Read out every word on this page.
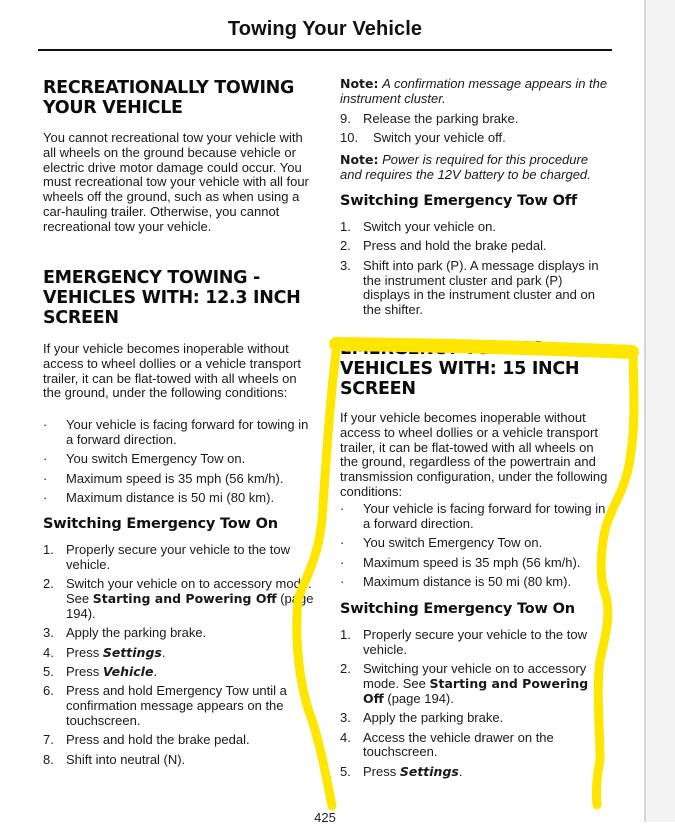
Towing Your Vehicle
RECREATIONALLY TOWING YOUR VEHICLE

You cannot recreational tow your vehicle with all wheels on the ground because vehicle or electric drive motor damage could occur. You must recreational tow your vehicle with all four wheels off the ground, such as when using a car-hauling trailer. Otherwise, you cannot recreational tow your vehicle.

EMERGENCY TOWING - VEHICLES WITH: 12.3 INCH SCREEN

If your vehicle becomes inoperable without access to wheel dollies or a vehicle transport trailer, it can be flat-towed with all wheels on the ground, under the following conditions:

· Your vehicle is facing forward for towing in a forward direction.
· You switch Emergency Tow on.
· Maximum speed is 35 mph (56 km/h).
· Maximum distance is 50 mi (80 km).
Switching Emergency Tow On
1. Properly secure your vehicle to the tow vehicle.
2. Switch your vehicle on to accessory mode. See Starting and Powering Off (page 194).
3. Apply the parking brake.
4. Press Settings.
5. Press Vehicle.
6. Press and hold Emergency Tow until a confirmation message appears on the touchscreen.
7. Press and hold the brake pedal.
8. Shift into neutral (N).

Note: A confirmation message appears in the instrument cluster.

9. Release the parking brake.
10. Switch your vehicle off.

Note: Power is required for this procedure and requires the 12V battery to be charged.

Switching Emergency Tow Off
1. Switch your vehicle on.
2. Press and hold the brake pedal.
3. Shift into park (P). A message displays in the instrument cluster and park (P) displays in the instrument cluster and on the shifter.
EMERGENCY TOWING - VEHICLES WITH: 15 INCH SCREEN

If your vehicle becomes inoperable without access to wheel dollies or a vehicle transport trailer, it can be flat-towed with all wheels on the ground, regardless of the powertrain and transmission configuration, under the following conditions:

· Your vehicle is facing forward for towing in a forward direction.
· You switch Emergency Tow on.
· Maximum speed is 35 mph (56 km/h).
· Maximum distance is 50 mi (80 km).
Switching Emergency Tow On
1. Properly secure your vehicle to the tow vehicle.
2. Switching your vehicle on to accessory mode. See Starting and Powering Off (page 194).
3. Apply the parking brake.
4. Access the vehicle drawer on the touchscreen.
5. Press Settings.
425
